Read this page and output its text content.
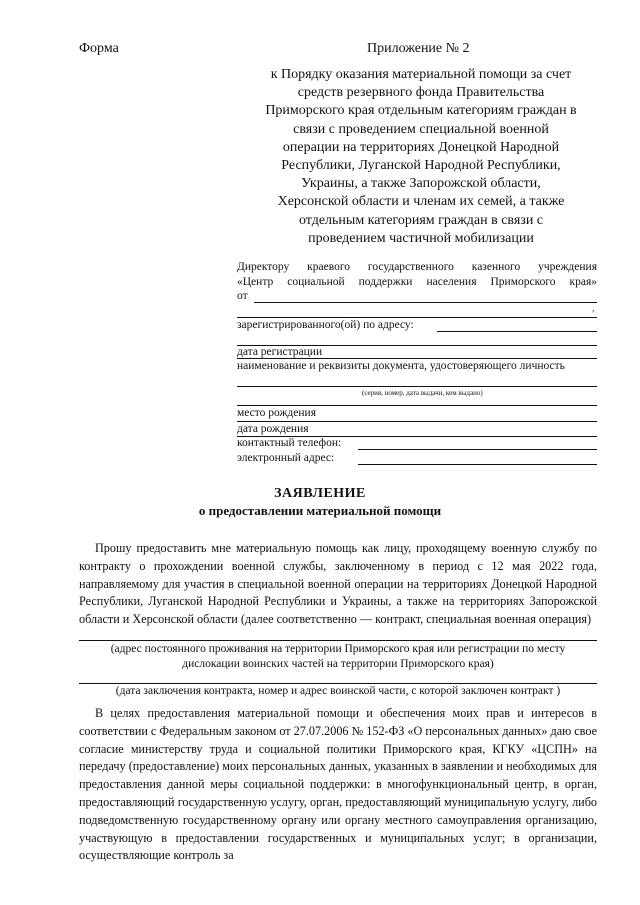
Форма	Приложение № 2
к Порядку оказания материальной помощи за счет
средств резервного фонда Правительства
Приморского края отдельным категориям граждан в
связи с проведением специальной военной
операции на территориях Донецкой Народной
Республики, Луганской Народной Республики,
Украины, а также Запорожской области,
Херсонской области и членам их семей, а также
отдельным категориям граждан в связи с
проведением частичной мобилизации
Директору краевого государственного казенного учреждения
«Центр социальной поддержки населения Приморского края»
от
,
зарегистрированного(ой) по адресу:
дата регистрации
наименование и реквизиты документа, удостоверяющего личность
(серия, номер, дата выдачи, кем выдано)
место рождения
дата рождения
контактный телефон:
электронный адрес:
ЗАЯВЛЕНИЕ
о предоставлении материальной помощи
Прошу предоставить мне материальную помощь как лицу, проходящему военную службу по контракту о прохождении военной службы, заключенному в период с 12 мая 2022 года, направляемому для участия в специальной военной операции на территориях Донецкой Народной Республики, Луганской Народной Республики и Украины, а также на территориях Запорожской области и Херсонской области (далее соответственно — контракт, специальная военная операция)
(адрес постоянного проживания на территории Приморского края или регистрации по месту
дислокации воинских частей на территории Приморского края)
(дата заключения контракта, номер и адрес воинской части, с которой заключен контракт )
В целях предоставления материальной помощи и обеспечения моих прав и интересов в соответствии с Федеральным законом от 27.07.2006 № 152-ФЗ «О персональных данных» даю свое согласие министерству труда и социальной политики Приморского края, КГКУ «ЦСПН» на передачу (предоставление) моих персональных данных, указанных в заявлении и необходимых для предоставления данной меры социальной поддержки: в многофункциональный центр, в орган, предоставляющий государственную услугу, орган, предоставляющий муниципальную услугу, либо подведомственную государственному органу или органу местного самоуправления организацию, участвующую в предоставлении государственных и муниципальных услуг; в организации, осуществляющие контроль за
